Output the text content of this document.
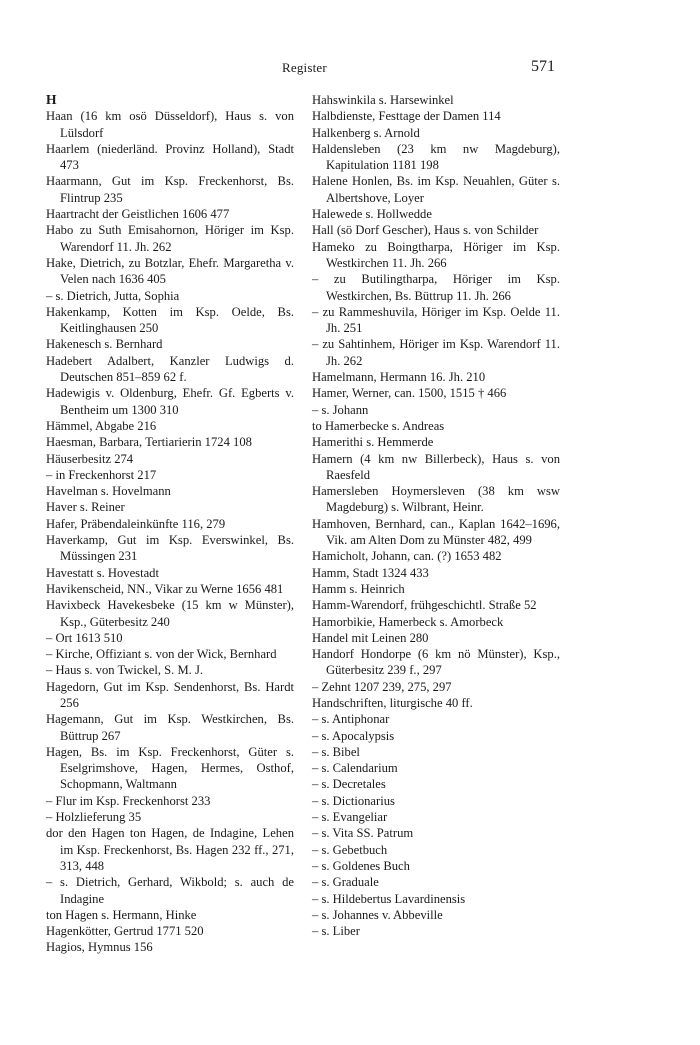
Register	571
H
Haan (16 km osö Düsseldorf), Haus s. von Lülsdorf
Haarlem (niederländ. Provinz Holland), Stadt 473
Haarmann, Gut im Ksp. Freckenhorst, Bs. Flintrup 235
Haartracht der Geistlichen 1606 477
Habo zu Suth Emisahornon, Höriger im Ksp. Warendorf 11. Jh. 262
Hake, Dietrich, zu Botzlar, Ehefr. Margaretha v. Velen nach 1636 405
– s. Dietrich, Jutta, Sophia
Hakenkamp, Kotten im Ksp. Oelde, Bs. Keitlinghausen 250
Hakenesch s. Bernhard
Hadebert Adalbert, Kanzler Ludwigs d. Deutschen 851–859 62 f.
Hadewigis v. Oldenburg, Ehefr. Gf. Egberts v. Bentheim um 1300 310
Hämmel, Abgabe 216
Haesman, Barbara, Tertiarierin 1724 108
Häuserbesitz 274
– in Freckenhorst 217
Havelman s. Hovelmann
Haver s. Reiner
Hafer, Präbendaleinkünfte 116, 279
Haverkamp, Gut im Ksp. Everswinkel, Bs. Müssingen 231
Havestatt s. Hovestadt
Havikenscheid, NN., Vikar zu Werne 1656 481
Havixbeck Havekesbeke (15 km w Münster), Ksp., Güterbesitz 240
– Ort 1613 510
– Kirche, Offiziant s. von der Wick, Bernhard
– Haus s. von Twickel, S. M. J.
Hagedorn, Gut im Ksp. Sendenhorst, Bs. Hardt 256
Hagemann, Gut im Ksp. Westkirchen, Bs. Büttrup 267
Hagen, Bs. im Ksp. Freckenhorst, Güter s. Eselgrimshove, Hagen, Hermes, Osthof, Schopmann, Waltmann
– Flur im Ksp. Freckenhorst 233
– Holzlieferung 35
dor den Hagen ton Hagen, de Indagine, Lehen im Ksp. Freckenhorst, Bs. Hagen 232 ff., 271, 313, 448
– s. Dietrich, Gerhard, Wikbold; s. auch de Indagine
ton Hagen s. Hermann, Hinke
Hagenkötter, Gertrud 1771 520
Hagios, Hymnus 156
Hahswinkila s. Harsewinkel
Halbdienste, Festtage der Damen 114
Halkenberg s. Arnold
Haldensleben (23 km nw Magdeburg), Kapitulation 1181 198
Halene Honlen, Bs. im Ksp. Neuahlen, Güter s. Albertshove, Loyer
Halewede s. Hollwedde
Hall (sö Dorf Gescher), Haus s. von Schilder
Hameko zu Boingtharpa, Höriger im Ksp. Westkirchen 11. Jh. 266
– zu Butilingtharpa, Höriger im Ksp. Westkirchen, Bs. Büttrup 11. Jh. 266
– zu Rammeshuvila, Höriger im Ksp. Oelde 11. Jh. 251
– zu Sahtinhem, Höriger im Ksp. Warendorf 11. Jh. 262
Hamelmann, Hermann 16. Jh. 210
Hamer, Werner, can. 1500, 1515 † 466
– s. Johann
to Hamerbecke s. Andreas
Hamerithi s. Hemmerde
Hamern (4 km nw Billerbeck), Haus s. von Raesfeld
Hamersleben Hoymersleven (38 km wsw Magdeburg) s. Wilbrant, Heinr.
Hamhoven, Bernhard, can., Kaplan 1642–1696, Vik. am Alten Dom zu Münster 482, 499
Hamicholt, Johann, can. (?) 1653 482
Hamm, Stadt 1324 433
Hamm s. Heinrich
Hamm-Warendorf, frühgeschichtl. Straße 52
Hamorbikie, Hamerbeck s. Amorbeck
Handel mit Leinen 280
Handorf Hondorpe (6 km nö Münster), Ksp., Güterbesitz 239 f., 297
– Zehnt 1207 239, 275, 297
Handschriften, liturgische 40 ff.
– s. Antiphonar
– s. Apocalypsis
– s. Bibel
– s. Calendarium
– s. Decretales
– s. Dictionarius
– s. Evangeliar
– s. Vita SS. Patrum
– s. Gebetbuch
– s. Goldenes Buch
– s. Graduale
– s. Hildebertus Lavardinensis
– s. Johannes v. Abbeville
– s. Liber
